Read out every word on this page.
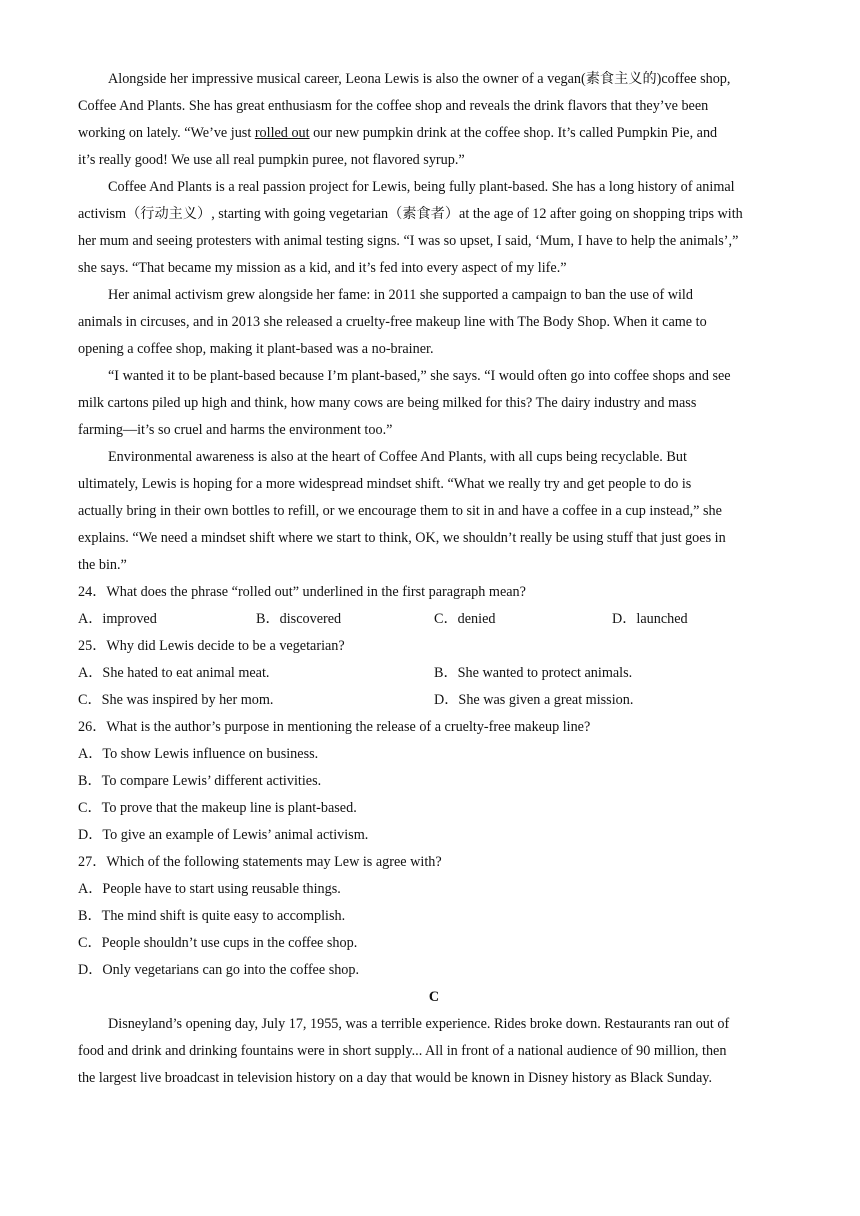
Alongside her impressive musical career, Leona Lewis is also the owner of a vegan(素食主义的)coffee shop,
Coffee And Plants. She has great enthusiasm for the coffee shop and reveals the drink flavors that they’ve been
working on lately. “We’ve just rolled out our new pumpkin drink at the coffee shop. It’s called Pumpkin Pie, and
it’s really good! We use all real pumpkin puree, not flavored syrup.”
Coffee And Plants is a real passion project for Lewis, being fully plant-based. She has a long history of animal
activism（行动主义）, starting with going vegetarian（素食者）at the age of 12 after going on shopping trips with
her mum and seeing protesters with animal testing signs. “I was so upset, I said, ‘Mum, I have to help the animals’,”
she says. “That became my mission as a kid, and it’s fed into every aspect of my life.”
Her animal activism grew alongside her fame: in 2011 she supported a campaign to ban the use of wild
animals in circuses, and in 2013 she released a cruelty-free makeup line with The Body Shop. When it came to
opening a coffee shop, making it plant-based was a no-brainer.
“I wanted it to be plant-based because I’m plant-based,” she says. “I would often go into coffee shops and see
milk cartons piled up high and think, how many cows are being milked for this? The dairy industry and mass
farming—it’s so cruel and harms the environment too.”
Environmental awareness is also at the heart of Coffee And Plants, with all cups being recyclable. But
ultimately, Lewis is hoping for a more widespread mindset shift. “What we really try and get people to do is
actually bring in their own bottles to refill, or we encourage them to sit in and have a coffee in a cup instead,” she
explains. “We need a mindset shift where we start to think, OK, we shouldn’t really be using stuff that just goes in
the bin.”
24．What does the phrase “rolled out” underlined in the first paragraph mean?
A．improved	B．discovered	C．denied	D．launched
25．Why did Lewis decide to be a vegetarian?
A．She hated to eat animal meat.	B．She wanted to protect animals.
C．She was inspired by her mom.	D．She was given a great mission.
26．What is the author’s purpose in mentioning the release of a cruelty-free makeup line?
A．To show Lewis influence on business.
B．To compare Lewis’ different activities.
C．To prove that the makeup line is plant-based.
D．To give an example of Lewis’ animal activism.
27．Which of the following statements may Lew is agree with?
A．People have to start using reusable things.
B．The mind shift is quite easy to accomplish.
C．People shouldn’t use cups in the coffee shop.
D．Only vegetarians can go into the coffee shop.
C
Disneyland’s opening day, July 17, 1955, was a terrible experience. Rides broke down. Restaurants ran out of
food and drink and drinking fountains were in short supply... All in front of a national audience of 90 million, then
the largest live broadcast in television history on a day that would be known in Disney history as Black Sunday.
